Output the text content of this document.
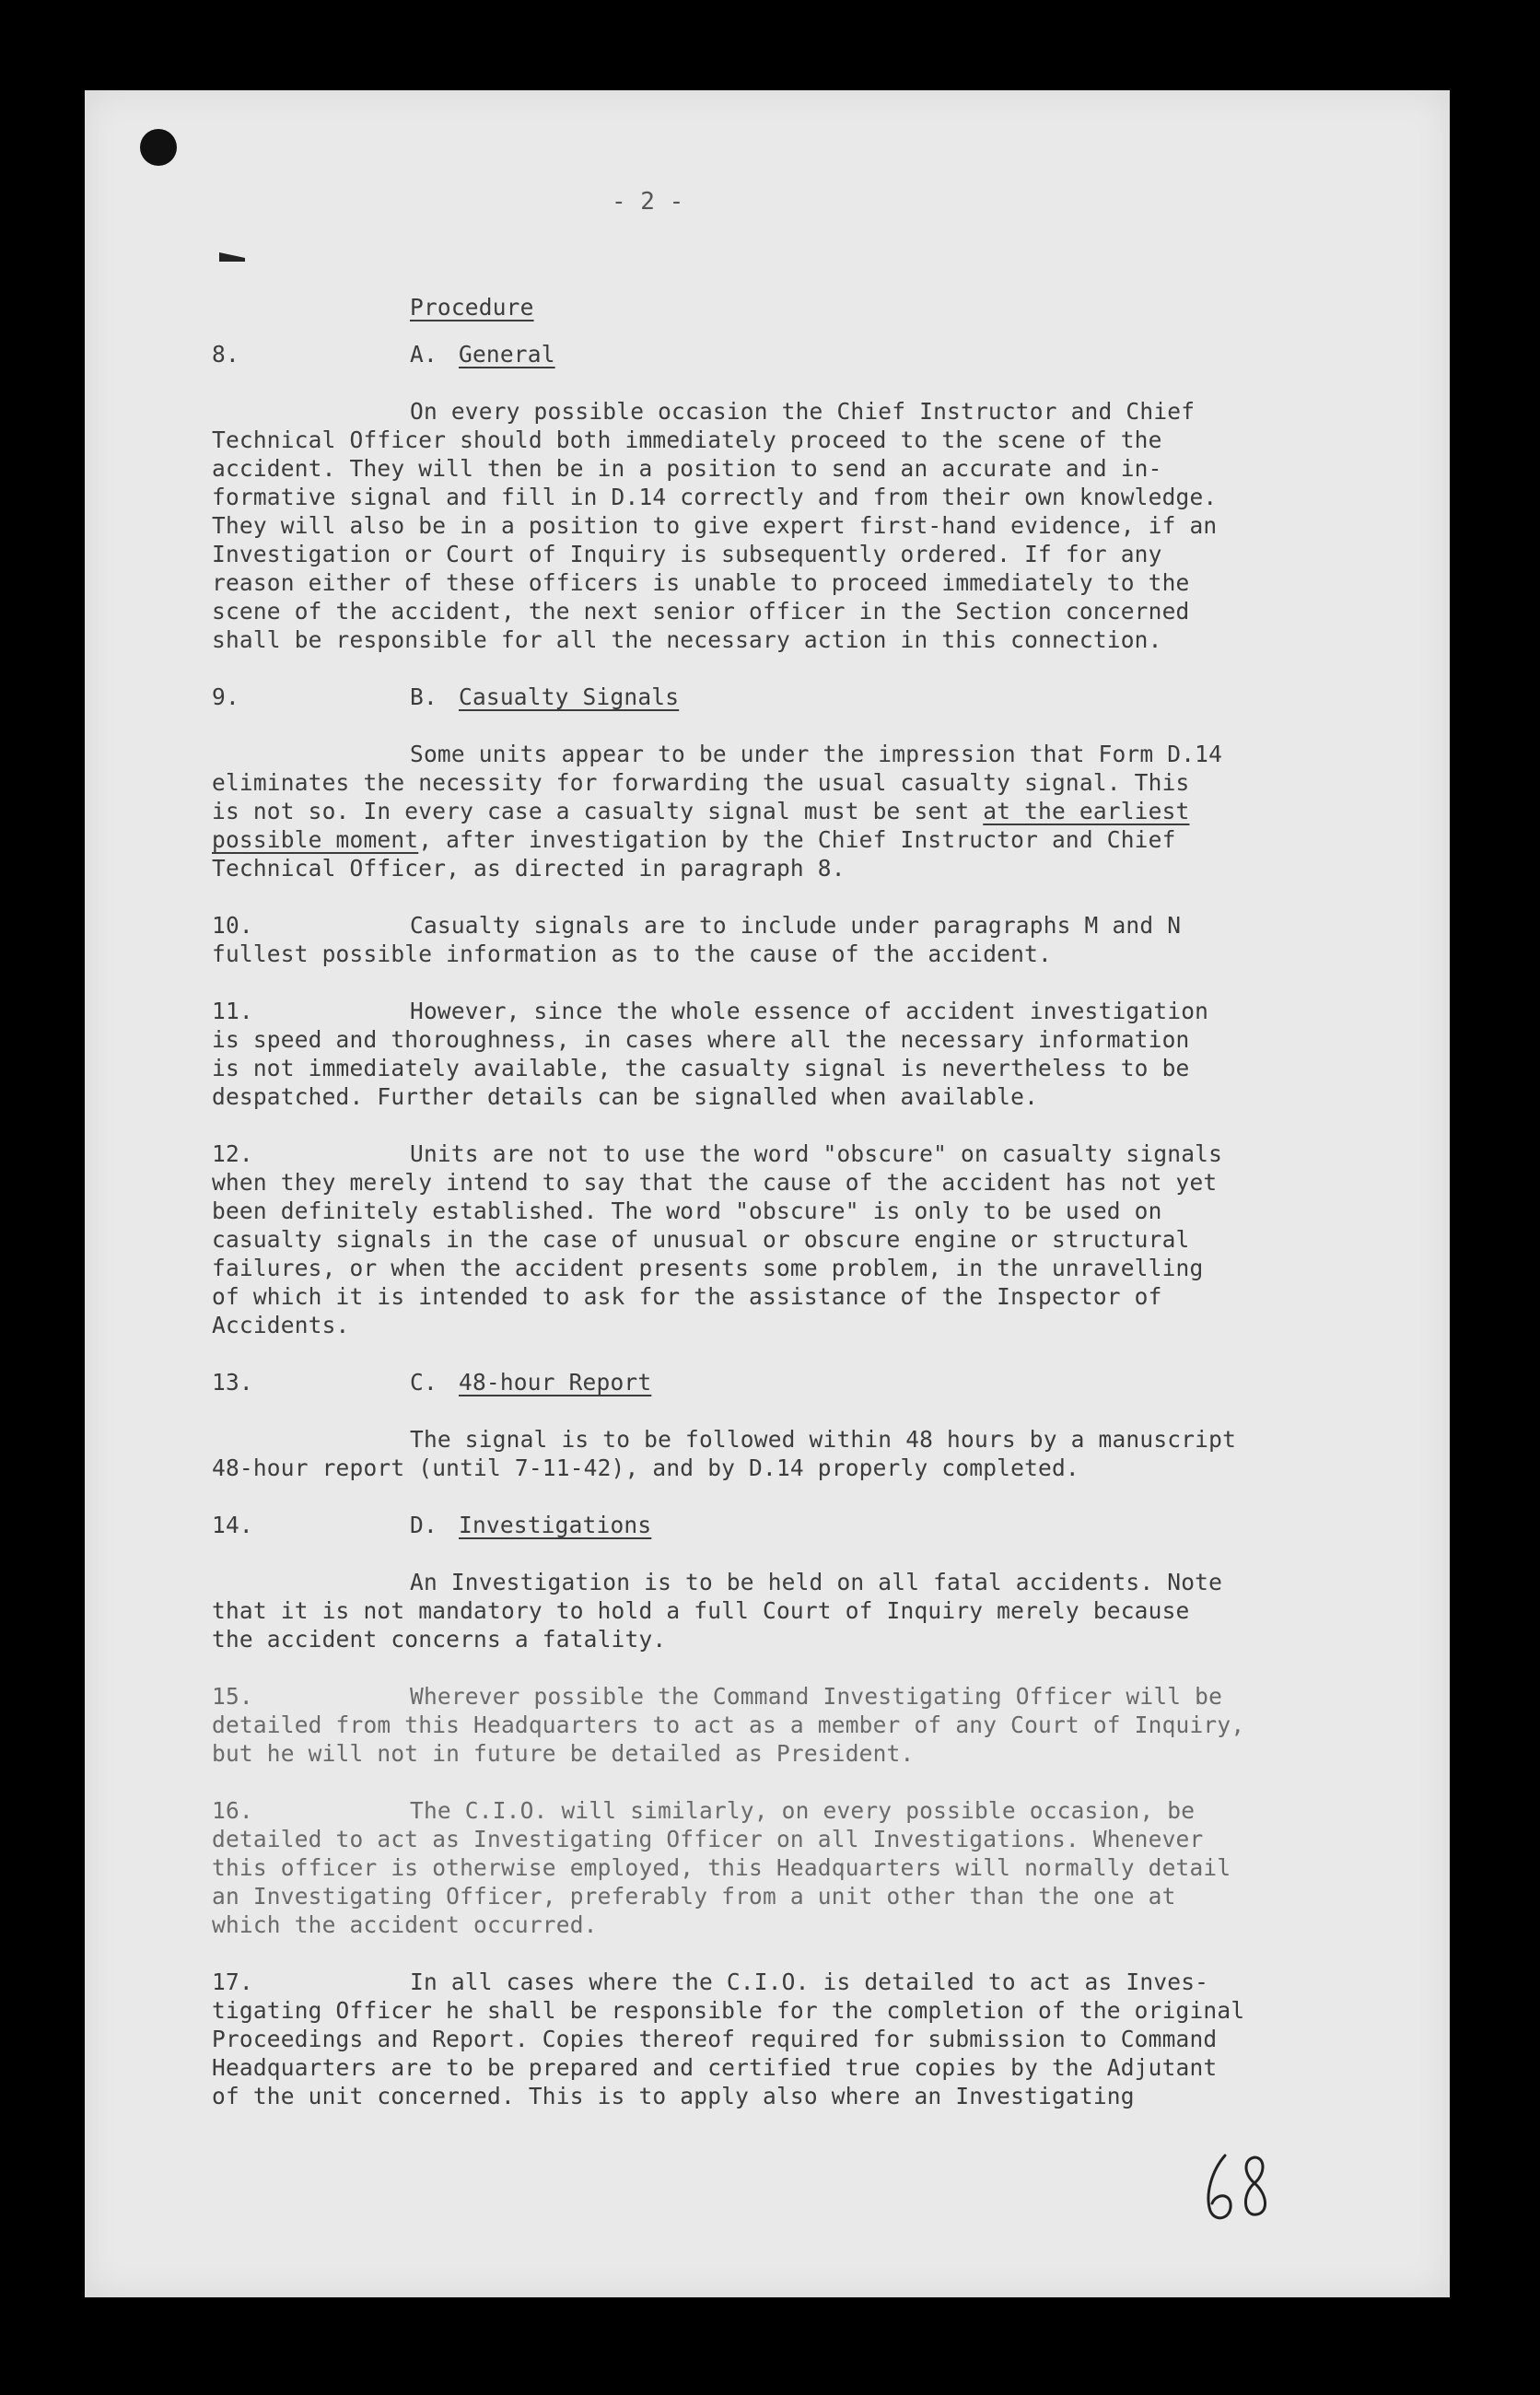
- 2 -
Procedure
8.	A. General
On every possible occasion the Chief Instructor and Chief
Technical Officer should both immediately proceed to the scene of the
accident. They will then be in a position to send an accurate and in-
formative signal and fill in D.14 correctly and from their own knowledge.
They will also be in a position to give expert first-hand evidence, if an
Investigation or Court of Inquiry is subsequently ordered. If for any
reason either of these officers is unable to proceed immediately to the
scene of the accident, the next senior officer in the Section concerned
shall be responsible for all the necessary action in this connection.
9.	B. Casualty Signals
Some units appear to be under the impression that Form D.14
eliminates the necessity for forwarding the usual casualty signal. This
is not so. In every case a casualty signal must be sent at the earliest
possible moment, after investigation by the Chief Instructor and Chief
Technical Officer, as directed in paragraph 8.
10.	Casualty signals are to include under paragraphs M and N
fullest possible information as to the cause of the accident.
11.	However, since the whole essence of accident investigation
is speed and thoroughness, in cases where all the necessary information
is not immediately available, the casualty signal is nevertheless to be
despatched. Further details can be signalled when available.
12.	Units are not to use the word "obscure" on casualty signals
when they merely intend to say that the cause of the accident has not yet
been definitely established. The word "obscure" is only to be used on
casualty signals in the case of unusual or obscure engine or structural
failures, or when the accident presents some problem, in the unravelling
of which it is intended to ask for the assistance of the Inspector of
Accidents.
13.	C. 48-hour Report
The signal is to be followed within 48 hours by a manuscript
48-hour report (until 7-11-42), and by D.14 properly completed.
14.	D. Investigations
An Investigation is to be held on all fatal accidents. Note
that it is not mandatory to hold a full Court of Inquiry merely because
the accident concerns a fatality.
15.	Wherever possible the Command Investigating Officer will be
detailed from this Headquarters to act as a member of any Court of Inquiry,
but he will not in future be detailed as President.
16.	The C.I.O. will similarly, on every possible occasion, be
detailed to act as Investigating Officer on all Investigations. Whenever
this officer is otherwise employed, this Headquarters will normally detail
an Investigating Officer, preferably from a unit other than the one at
which the accident occurred.
17.	In all cases where the C.I.O. is detailed to act as Inves-
tigating Officer he shall be responsible for the completion of the original
Proceedings and Report. Copies thereof required for submission to Command
Headquarters are to be prepared and certified true copies by the Adjutant
of the unit concerned. This is to apply also where an Investigating
